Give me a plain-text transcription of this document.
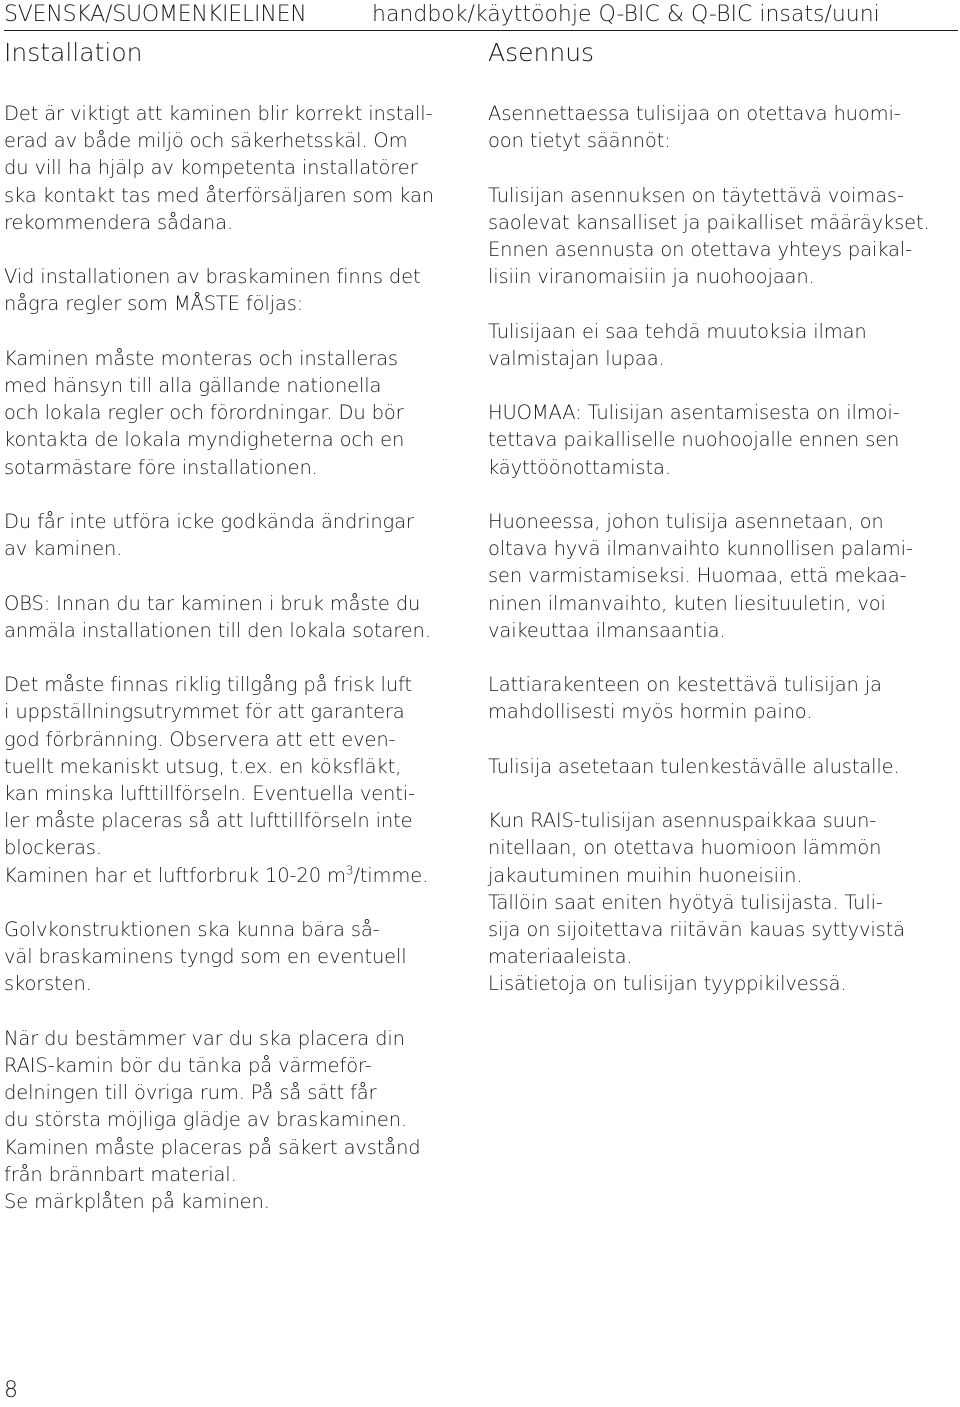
SVENSKA/SUOMENKIELINEN	handbok/käyttöohje Q-BIC & Q-BIC insats/uuni
Installation	Asennus

Det är viktigt att kaminen blir korrekt install-
erad av både miljö och säkerhetsskäl. Om
du vill ha hjälp av kompetenta installatörer
ska kontakt tas med återförsäljaren som kan
rekommendera sådana.

Vid installationen av braskaminen finns det
några regler som MÅSTE följas:

Kaminen måste monteras och installeras
med hänsyn till alla gällande nationella
och lokala regler och förordningar. Du bör
kontakta de lokala myndigheterna och en
sotarmästare före installationen.

Du får inte utföra icke godkända ändringar
av kaminen.

OBS: Innan du tar kaminen i bruk måste du
anmäla installationen till den lokala sotaren.

Det måste finnas riklig tillgång på frisk luft
i uppställningsutrymmet för att garantera
god förbränning. Observera att ett even-
tuellt mekaniskt utsug, t.ex. en köksfläkt,
kan minska lufttillförseln. Eventuella venti-
ler måste placeras så att lufttillförseln inte
blockeras.

Kaminen har et luftforbruk 10-20 $m^3$/timme.

Golvkonstruktionen ska kunna bära så-
väl braskaminens tyngd som en eventuell
skorsten.

När du bestämmer var du ska placera din
RAIS-kamin bör du tänka på värmeför-
delningen till övriga rum. På så sätt får
du största möjliga glädje av braskaminen.
Kaminen måste placeras på säkert avstånd
från brännbart material.
Se märkplåten på kaminen.

Asennettaessa tulisijaa on otettava huomi-
oon tietyt säännöt:

Tulisijan asennuksen on täytettävä voimas-
saolevat kansalliset ja paikalliset määräykset.
Ennen asennusta on otettava yhteys paikal-
lisiin viranomaisiin ja nuohoojaan.

Tulisijaan ei saa tehdä muutoksia ilman
valmistajan lupaa.

HUOMAA: Tulisijan asentamisesta on ilmoi-
tettava paikalliselle nuohoojalle ennen sen
käyttöönottamista.

Huoneessa, johon tulisija asennetaan, on
oltava hyvä ilmanvaihto kunnollisen palami-
sen varmistamiseksi. Huomaa, että mekaa-
ninen ilmanvaihto, kuten liesituuletin, voi
vaikeuttaa ilmansaantia.

Lattiarakenteen on kestettävä tulisijan ja
mahdollisesti myös hormin paino.

Tulisija asetetaan tulenkestävälle alustalle.

Kun RAIS-tulisijan asennuspaikkaa suun-
nitellaan, on otettava huomioon lämmön
jakautuminen muihin huoneisiin.
Tällöin saat eniten hyötyä tulisijasta. Tuli-
sija on sijoitettava riitävän kauas syttyvistä
materiaaleista.
Lisätietoja on tulisijan tyyppikilvessä.

8
